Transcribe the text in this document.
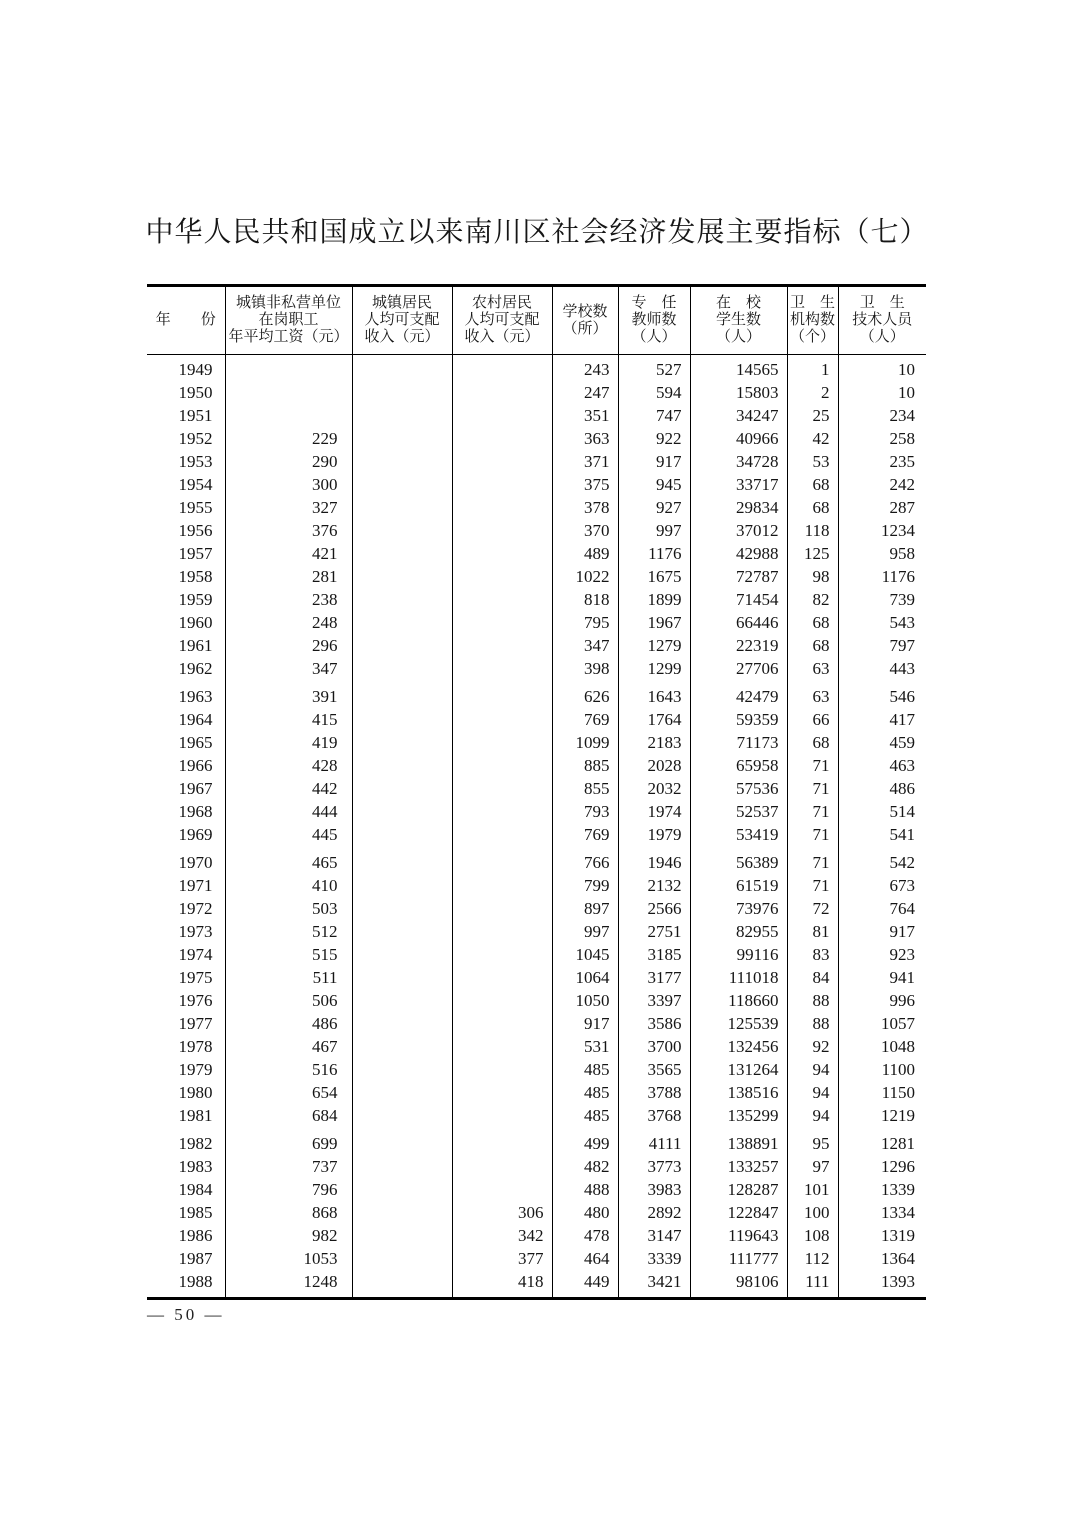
中华人民共和国成立以来南川区社会经济发展主要指标（七）
年　　份	城镇非私营单位
在岗职工
年平均工资（元）	城镇居民
人均可支配
收入（元）	农村居民
人均可支配
收入（元）	学校数
（所）	专　任
教师数
（人）	在　校
学生数
（人）	卫　生
机构数
（个）	卫　生
技术人员
（人）
1949				243	527	14565	1	10
1950				247	594	15803	2	10
1951				351	747	34247	25	234
1952	229			363	922	40966	42	258
1953	290			371	917	34728	53	235
1954	300			375	945	33717	68	242
1955	327			378	927	29834	68	287
1956	376			370	997	37012	118	1234
1957	421			489	1176	42988	125	958
1958	281			1022	1675	72787	98	1176
1959	238			818	1899	71454	82	739
1960	248			795	1967	66446	68	543
1961	296			347	1279	22319	68	797
1962	347			398	1299	27706	63	443
1963	391			626	1643	42479	63	546
1964	415			769	1764	59359	66	417
1965	419			1099	2183	71173	68	459
1966	428			885	2028	65958	71	463
1967	442			855	2032	57536	71	486
1968	444			793	1974	52537	71	514
1969	445			769	1979	53419	71	541
1970	465			766	1946	56389	71	542
1971	410			799	2132	61519	71	673
1972	503			897	2566	73976	72	764
1973	512			997	2751	82955	81	917
1974	515			1045	3185	99116	83	923
1975	511			1064	3177	111018	84	941
1976	506			1050	3397	118660	88	996
1977	486			917	3586	125539	88	1057
1978	467			531	3700	132456	92	1048
1979	516			485	3565	131264	94	1100
1980	654			485	3788	138516	94	1150
1981	684			485	3768	135299	94	1219
1982	699			499	4111	138891	95	1281
1983	737			482	3773	133257	97	1296
1984	796			488	3983	128287	101	1339
1985	868		306	480	2892	122847	100	1334
1986	982		342	478	3147	119643	108	1319
1987	1053		377	464	3339	111777	112	1364
1988	1248		418	449	3421	98106	111	1393
— 50 —
